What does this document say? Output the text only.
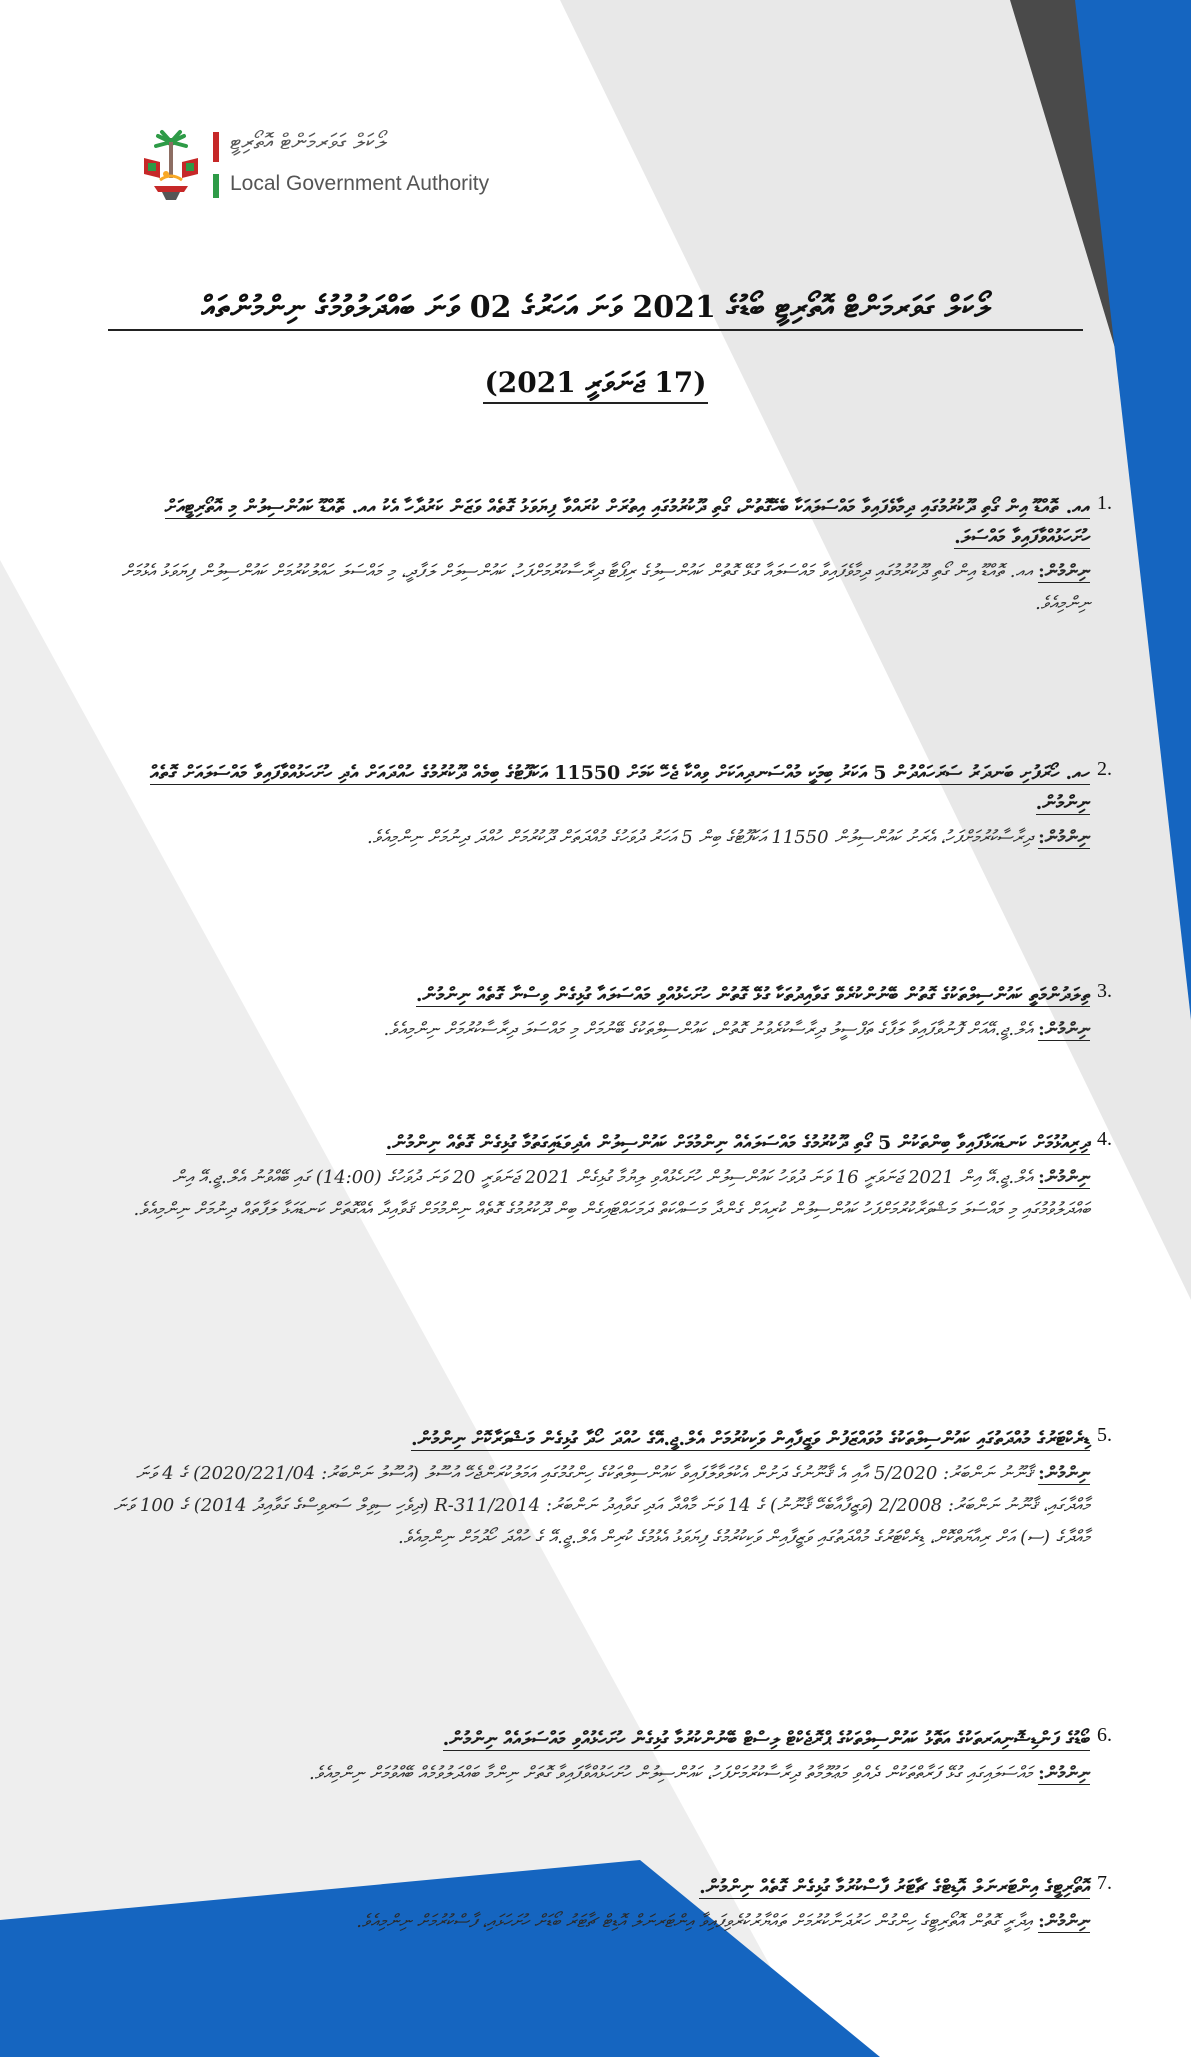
ލޯކަލް ގަވަރމަންޓް އޮތޯރިޓީ
Local Government Authority
ލޯކަލް ގަވަރމަންޓް އޮތޯރިޓީ ބޯޑުގެ 2021 ވަނަ އަހަރުގެ 02 ވަނަ ބައްދަލުވުމުގެ ނިންމުންތައް
(17 ޖަނަވަރީ 2021)
1.
އއ. ތޮއްޑޫ އިން ގޯތި ދޫކުރުމުގައި ދިމާވެފައިވާ މައްސަލައަކާ ބެހޭގޮތުން، ގޯތި ދޫކުރުމުގައި އިތުރަށް ކުރައްވާ ފިޔަވަޅު ގޮތެއް ވަޒަން ކަރުދާހާ އެކު އއ. ތޮއްޑޫ ކައުންސިލުން މި އޮތޯރިޓީއަށް ހުށަހަޅުއްވާފައިވާ މައްސަލަ.
ނިންމުން: އއ. ތޮއްޑޫ އިން ގޯތި ދޫކުރުމުގައި ދިމާވެފައިވާ މައްސަލައާ ގުޅޭ ގޮތުން ކައުންސިލުގެ ރިޕޯޓާ ދިރާސާކުރުމަށްފަހު، ކައުންސިލަށް ލަފާދީ، މި މައްސަލަ ހައްލުކުރުމަށް ކައުންސިލުން ފިޔަވަޅު އެޅުމަށް ނިންމިއެވެ.
2.
ހއ. ހޯރަފުށި ބަނދަރު ސަރަހައްދުން 5 އަކަރު ބިމަކީ މުއްސަނދިއަކަށް ވިއްކާ ޖެހޭ ކަމަށް 11550 އަކަފޫޓުގެ ބިމެއް ދޫކުރުމުގެ ހުއްދައަށް އެދި ހުށަހަޅުއްވާފައިވާ މައްސަލައަށް ގޮތެއް ނިންމުން.
ނިންމުން: ދިރާސާކުރުމަށްފަހު، އެރަށު ކައުންސިލުން 11550 އަކަފޫޓުގެ ބިން 5 އަހަރު ދުވަހުގެ މުއްދަތަށް ދޫކުރުމަށް ހުއްދަ ދިނުމަށް ނިންމިއެވެ.
3.
ތިލަދުންމަތީ ކައުންސިލްތަކުގެ ގޮތުން ބޭނުންކުރެވޭ ގަވާއިދުތަކާ ގުޅޭ ގޮތުން ހުށަހެޅުއްވި މައްސަލައާ ގުޅިގެން ވިސްނާ ގޮތެއް ނިންމުން.
ނިންމުން: އެލް.ޖީ.އޭއަށް ފޮނުވާފައިވާ ލަފާގެ ތަފްސީލު ދިރާސާކުރެވުނު ގޮތުން، ކައުންސިލްތަކުގެ ބޭނުމަށް މި މައްސަލަ ދިރާސާކުރުމަށް ނިންމިއެވެ.
4.
ދިރިއުޅުމަށް ކަނޑައަޅާފައިވާ ބިންތަކުން 5 ގޯތި ދޫކުރުމުގެ މައްސަލައެއް ނިންމުމަށް ކައުންސިލުން އެދިވަޑައިގަތުމާ ގުޅިގެން ގޮތެއް ނިންމުން.
ނިންމުން: އެލް.ޖީ.އޭ އިން 2021 ޖަނަވަރީ 16 ވަނަ ދުވަހު ކައުންސިލުން ހުށަހެޅުއްވި ލިޔުމާ ގުޅިގެން 2021 ޖަނަވަރީ 20 ވަނަ ދުވަހުގެ (14:00) ގައި ބޭއްވުނު އެލް.ޖީ.އޭ އިން ބައްދަލުވުމުގައި މި މައްސަލަ މަޝްވަރާކުރުމަށްފަހު ކައުންސިލުން ކުރިއަށް ގެންދާ މަސައްކަތް ދަމަހައްޓައިގެން ބިން ދޫކުރުމުގެ ގޮތެއް ނިންމުމަށް ޤަވާއިދާ އެއްގޮތަށް ކަނޑައަޅާ ލަފާތައް ދިނުމަށް ނިންމިއެވެ.
5.
ޑިރެކްޓަރުގެ މުއްދަތުގައި ކައުންސިލްތަކުގެ މުވައްޒަފުން ވަޒީފާއިން ވަކިކުރުމަށް އެލް.ޖީ.އޭގެ ހުއްދަ ހޯދާ ގުޅިގެން މަޝްވަރާކޮށް ނިންމުން.
ނިންމުން: ޤާނޫނު ނަންބަރު: 5/2020 އާއި އެ ޤާނޫނުގެ ދަށުން އެކުލަވާލާފައިވާ ކައުންސިލްތަކުގެ ހިންގުމުގައި އަމަލުކުރަންޖެހޭ އުސޫލު (އުސޫލު ނަންބަރު: 2020/221/04) ގެ 4 ވަނަ މާއްދާގައި، ޤާނޫނު ނަންބަރު: 2/2008 (ވަޒީފާއާބެހޭ ޤާނޫނު) ގެ 14 ވަނަ މާއްދާ އަދި ގަވާއިދު ނަންބަރު: R-311/2014 (ދިވެހި ސިވިލް ސަރވިސްގެ ގަވާއިދު 2014) ގެ 100 ވަނަ މާއްދާގެ (ސ) އަށް ރިއާޔަތްކޮށް، ޑިރެކްޓަރުގެ މުއްދަތުގައި ވަޒީފާއިން ވަކިކުރުމުގެ ފިޔަވަޅު އެޅުމުގެ ކުރިން އެލް.ޖީ.އޭ ގެ ހުއްދަ ހޯދުމަށް ނިންމިއެވެ.
6.
ބޯޑުގެ ފަންޑިޝޮނިއަރތަކުގެ އަތޮޅު ކައުންސިލްތަކުގެ ޕްރޮޖެކްޓް ލިސްޓް ބޭނުންކުރުމާ ގުޅިގެން ހުށަހެޅުއްވި މައްސަލައެއް ނިންމުން.
ނިންމުން: މައްސަލައިގައި ގުޅޭ ފަރާތްތަކުން ދެއްވި މަޢުލޫމާތު ދިރާސާކުރުމަށްފަހު، ކައުންސިލުން ހުށަހަޅުއްވާފައިވާ ގޮތަށް ނިންމާ ބައްދަލުވުމެއް ބޭއްވުމަށް ނިންމިއެވެ.
7.
އޮތޯރިޓީގެ އިންޓަރނަލް އޮޑިޓްގެ ޗާޓަރު ފާސްކުރުމާ ގުޅިގެން ގޮތެއް ނިންމުން.
ނިންމުން: އިދާރީ ގޮތުން އޮތޯރިޓީގެ ހިންގުން ހަރުދަނާކުރުމަށް ތައްޔާރުކުރެވިފައިވާ އިންޓަރނަލް އޮޑިޓް ޗާޓަރު ބޯޑަށް ހުށަހަޅައި، ފާސްކުރުމަށް ނިންމިއެވެ.
